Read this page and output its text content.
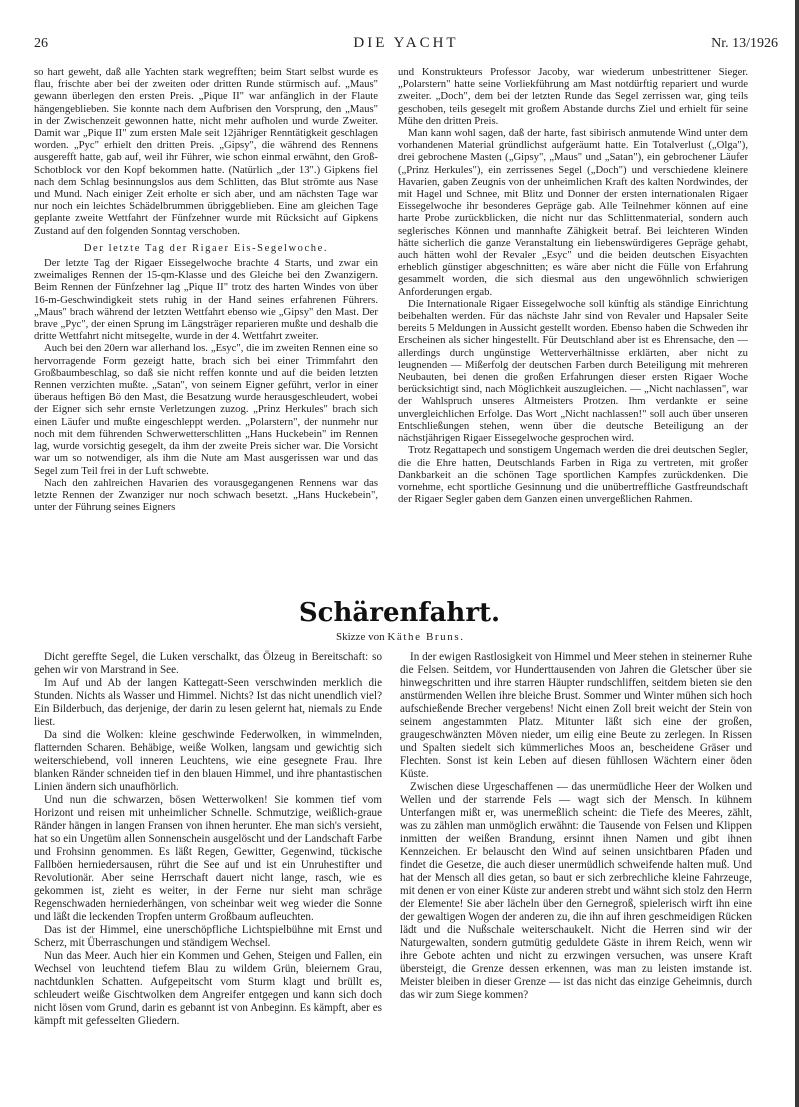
26	DIE YACHT	Nr. 13/1926

so hart geweht, daß alle Yachten stark wegrefften; beim Start selbst wurde es flau, frischte aber bei der zweiten oder dritten Runde stürmisch auf. „Maus" gewann überlegen den ersten Preis. „Pique II" war anfänglich in der Flaute hängengeblieben. Sie konnte nach dem Aufbrisen den Vorsprung, den „Maus" in der Zwischenzeit gewonnen hatte, nicht mehr aufholen und wurde Zweiter. Damit war „Pique II" zum ersten Male seit 12jähriger Renntätigkeit geschlagen worden. „Pyc" erhielt den dritten Preis. „Gipsy", die während des Rennens ausgerefft hatte, gab auf, weil ihr Führer, wie schon einmal erwähnt, den Groß-Schotblock vor den Kopf bekommen hatte. (Natürlich „der 13".) Gipkens fiel nach dem Schlag besinnungslos aus dem Schlitten, das Blut strömte aus Nase und Mund. Nach einiger Zeit erholte er sich aber, und am nächsten Tage war nur noch ein leichtes Schädelbrummen übriggeblieben. Eine am gleichen Tage geplante zweite Wettfahrt der Fünfzehner wurde mit Rücksicht auf Gipkens Zustand auf den folgenden Sonntag verschoben.

Der letzte Tag der Rigaer Eis-Segelwoche.

Der letzte Tag der Rigaer Eissegelwoche brachte 4 Starts, und zwar ein zweimaliges Rennen der 15-qm-Klasse und des Gleiche bei den Zwanzigern. Beim Rennen der Fünfzehner lag „Pique II" trotz des harten Windes von über 16-m-Geschwindigkeit stets ruhig in der Hand seines erfahrenen Führers. „Maus" brach während der letzten Wettfahrt ebenso wie „Gipsy" den Mast. Der brave „Pyc", der einen Sprung im Längsträger reparieren mußte und deshalb die dritte Wettfahrt nicht mitsegelte, wurde in der 4. Wettfahrt zweiter.

Auch bei den 20ern war allerhand los. „Esyc", die im zweiten Rennen eine so hervorragende Form gezeigt hatte, brach sich bei einer Trimmfahrt den Großbaumbeschlag, so daß sie nicht reffen konnte und auf die beiden letzten Rennen verzichten mußte. „Satan", von seinem Eigner geführt, verlor in einer überaus heftigen Bö den Mast, die Besatzung wurde herausgeschleudert, wobei der Eigner sich sehr ernste Verletzungen zuzog. „Prinz Herkules" brach sich einen Läufer und mußte eingeschleppt werden. „Polarstern", der nunmehr nur noch mit dem führenden Schwerwetterschlitten „Hans Huckebein" im Rennen lag, wurde vorsichtig gesegelt, da ihm der zweite Preis sicher war. Die Vorsicht war um so notwendiger, als ihm die Nute am Mast ausgerissen war und das Segel zum Teil frei in der Luft schwebte.

Nach den zahlreichen Havarien des vorausgegangenen Rennens war das letzte Rennen der Zwanziger nur noch schwach besetzt. „Hans Huckebein", unter der Führung seines Eigners

und Konstrukteurs Professor Jacoby, war wiederum unbestrittener Sieger. „Polarstern" hatte seine Vorliekführung am Mast notdürftig repariert und wurde zweiter. „Doch", dem bei der letzten Runde das Segel zerrissen war, ging teils geschoben, teils gesegelt mit großem Abstande durchs Ziel und erhielt für seine Mühe den dritten Preis.

Man kann wohl sagen, daß der harte, fast sibirisch anmutende Wind unter dem vorhandenen Material gründlichst aufgeräumt hatte. Ein Totalverlust („Olga"), drei gebrochene Masten („Gipsy", „Maus" und „Satan"), ein gebrochener Läufer („Prinz Herkules"), ein zerrissenes Segel („Doch") und verschiedene kleinere Havarien, gaben Zeugnis von der unheimlichen Kraft des kalten Nordwindes, der mit Hagel und Schnee, mit Blitz und Donner der ersten internationalen Rigaer Eissegelwoche ihr besonderes Gepräge gab. Alle Teilnehmer können auf eine harte Probe zurückblicken, die nicht nur das Schlittenmaterial, sondern auch seglerisches Können und mannhafte Zähigkeit betraf. Bei leichteren Winden hätte sicherlich die ganze Veranstaltung ein liebenswürdigeres Gepräge gehabt, auch hätten wohl der Revaler „Esyc" und die beiden deutschen Eisyachten erheblich günstiger abgeschnitten; es wäre aber nicht die Fülle von Erfahrung gesammelt worden, die sich diesmal aus den ungewöhnlich schwierigen Anforderungen ergab.

Die Internationale Rigaer Eissegelwoche soll künftig als ständige Einrichtung beibehalten werden. Für das nächste Jahr sind von Revaler und Hapsaler Seite bereits 5 Meldungen in Aussicht gestellt worden. Ebenso haben die Schweden ihr Erscheinen als sicher hingestellt. Für Deutschland aber ist es Ehrensache, den — allerdings durch ungünstige Wetterverhältnisse erklärten, aber nicht zu leugnenden — Mißerfolg der deutschen Farben durch Beteiligung mit mehreren Neubauten, bei denen die großen Erfahrungen dieser ersten Rigaer Woche berücksichtigt sind, nach Möglichkeit auszugleichen. — „Nicht nachlassen", war der Wahlspruch unseres Altmeisters Protzen. Ihm verdankte er seine unvergleichlichen Erfolge. Das Wort „Nicht nachlassen!" soll auch über unseren Entschließungen stehen, wenn über die deutsche Beteiligung an der nächstjährigen Rigaer Eissegelwoche gesprochen wird.

Trotz Regattapech und sonstigem Ungemach werden die drei deutschen Segler, die die Ehre hatten, Deutschlands Farben in Riga zu vertreten, mit großer Dankbarkeit an die schönen Tage sportlichen Kampfes zurückdenken. Die vornehme, echt sportliche Gesinnung und die unübertreffliche Gastfreundschaft der Rigaer Segler gaben dem Ganzen einen unvergeßlichen Rahmen.

Schärenfahrt.
Skizze von Käthe Bruns.

Dicht gereffte Segel, die Luken verschalkt, das Ölzeug in Bereitschaft: so gehen wir von Marstrand in See.

Im Auf und Ab der langen Kattegatt-Seen verschwinden merklich die Stunden. Nichts als Wasser und Himmel. Nichts? Ist das nicht unendlich viel? Ein Bilderbuch, das derjenige, der darin zu lesen gelernt hat, niemals zu Ende liest.

Da sind die Wolken: kleine geschwinde Federwolken, in wimmelnden, flatternden Scharen. Behäbige, weiße Wolken, langsam und gewichtig sich weiterschiebend, voll inneren Leuchtens, wie eine gesegnete Frau. Ihre blanken Ränder schneiden tief in den blauen Himmel, und ihre phantastischen Linien ändern sich unaufhörlich.

Und nun die schwarzen, bösen Wetterwolken! Sie kommen tief vom Horizont und reisen mit unheimlicher Schnelle. Schmutzige, weißlich-graue Ränder hängen in langen Fransen von ihnen herunter. Ehe man sich's versieht, hat so ein Ungetüm allen Sonnenschein ausgelöscht und der Landschaft Farbe und Frohsinn genommen. Es läßt Regen, Gewitter, Gegenwind, tückische Fallböen herniedersausen, rührt die See auf und ist ein Unruhestifter und Revolutionär. Aber seine Herrschaft dauert nicht lange, rasch, wie es gekommen ist, zieht es weiter, in der Ferne nur sieht man schräge Regenschwaden herniederhängen, von scheinbar weit weg wieder die Sonne und läßt die leckenden Tropfen unterm Großbaum aufleuchten.

Das ist der Himmel, eine unerschöpfliche Lichtspielbühne mit Ernst und Scherz, mit Überraschungen und ständigem Wechsel.

Nun das Meer. Auch hier ein Kommen und Gehen, Steigen und Fallen, ein Wechsel von leuchtend tiefem Blau zu wildem Grün, bleiernem Grau, nachtdunklen Schatten. Aufgepeitscht vom Sturm klagt und brüllt es, schleudert weiße Gischtwolken dem Angreifer entgegen und kann sich doch nicht lösen vom Grund, darin es gebannt ist von Anbeginn. Es kämpft, aber es kämpft mit gefesselten Gliedern.

In der ewigen Rastlosigkeit von Himmel und Meer stehen in steinerner Ruhe die Felsen. Seitdem, vor Hunderttausenden von Jahren die Gletscher über sie hinwegschritten und ihre starren Häupter rundschliffen, seitdem bieten sie den anstürmenden Wellen ihre bleiche Brust. Sommer und Winter mühen sich hoch aufschießende Brecher vergebens! Nicht einen Zoll breit weicht der Stein von seinem angestammten Platz. Mitunter läßt sich eine der großen, graugeschwänzten Möven nieder, um eilig eine Beute zu zerlegen. In Rissen und Spalten siedelt sich kümmerliches Moos an, bescheidene Gräser und Flechten. Sonst ist kein Leben auf diesen fühllosen Wächtern einer öden Küste.

Zwischen diese Urgeschaffenen — das unermüdliche Heer der Wolken und Wellen und der starrende Fels — wagt sich der Mensch. In kühnem Unterfangen mißt er, was unermeßlich scheint: die Tiefe des Meeres, zählt, was zu zählen man unmöglich erwähnt: die Tausende von Felsen und Klippen inmitten der weißen Brandung, ersinnt ihnen Namen und gibt ihnen Kennzeichen. Er belauscht den Wind auf seinen unsichtbaren Pfaden und findet die Gesetze, die auch dieser unermüdlich schweifende halten muß. Und hat der Mensch all dies getan, so baut er sich zerbrechliche kleine Fahrzeuge, mit denen er von einer Küste zur anderen strebt und wähnt sich stolz den Herrn der Elemente! Sie aber lächeln über den Gernegroß, spielerisch wirft ihn eine der gewaltigen Wogen der anderen zu, die ihn auf ihren geschmeidigen Rücken lädt und die Nußschale weiterschaukelt. Nicht die Herren sind wir der Naturgewalten, sondern gutmütig geduldete Gäste in ihrem Reich, wenn wir ihre Gebote achten und nicht zu erzwingen versuchen, was unsere Kraft übersteigt, die Grenze dessen erkennen, was man zu leisten imstande ist. Meister bleiben in dieser Grenze — ist das nicht das einzige Geheimnis, durch das wir zum Siege kommen?
